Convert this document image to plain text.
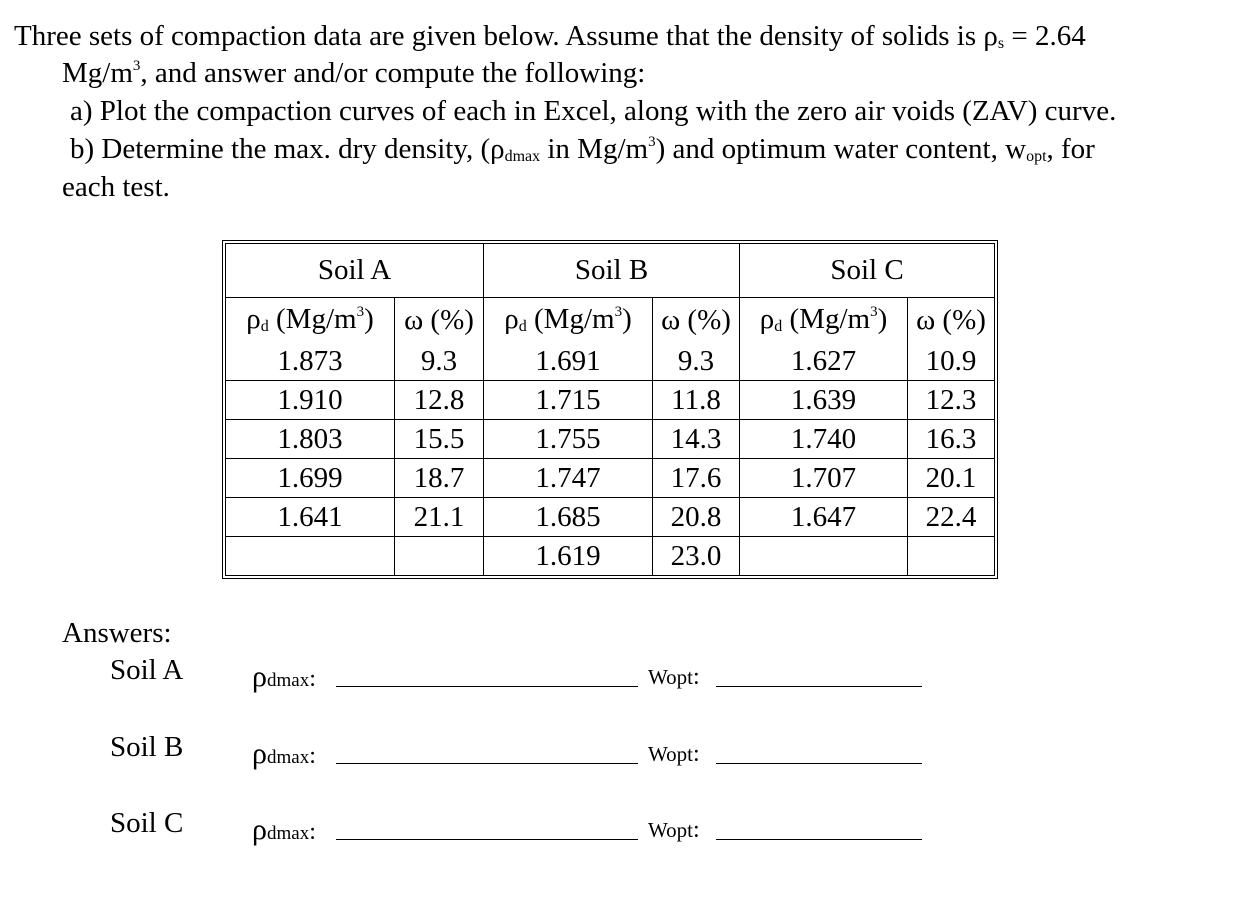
Three sets of compaction data are given below. Assume that the density of solids is ρs = 2.64
$Mg/m^3$, and answer and/or compute the following:
a) Plot the compaction curves of each in Excel, along with the zero air voids (ZAV) curve.
b) Determine the max. dry density, (ρdmax in $Mg/m^3$) and optimum water content, wopt, for
each test.
Soil A		Soil B		Soil C	
ρd $(Mg/m^3)$	ω (%)	ρd $(Mg/m^3)$	ω (%)	ρd $(Mg/m^3)$	ω (%)
1.873	9.3	1.691	9.3	1.627	10.9
1.910	12.8	1.715	11.8	1.639	12.3
1.803	15.5	1.755	14.3	1.740	16.3
1.699	18.7	1.747	17.6	1.707	20.1
1.641	21.1	1.685	20.8	1.647	22.4
		1.619	23.0		
Answers:
Soil A ρdmax:	Wopt:
Soil B ρdmax:	Wopt:
Soil C ρdmax:	Wopt:
